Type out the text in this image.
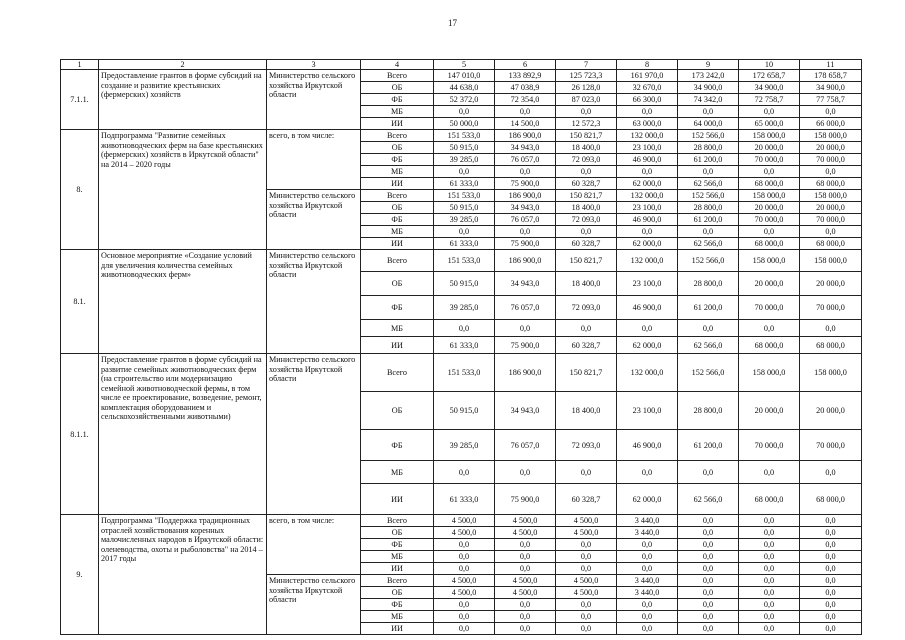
17
1	2	3	4	5	6	7	8	9	10	11
7.1.1.	Предоставление грантов в форме субсидий на создание и развитие крестьянских (фермерских) хозяйств	Министерство сельского хозяйства Иркутской области	Всего	147 010,0	133 892,9	125 723,3	161 970,0	173 242,0	172 658,7	178 658,7
			ОБ	44 638,0	47 038,9	26 128,0	32 670,0	34 900,0	34 900,0	34 900,0
			ФБ	52 372,0	72 354,0	87 023,0	66 300,0	74 342,0	72 758,7	77 758,7
			МБ	0,0	0,0	0,0	0,0	0,0	0,0	0,0
			ИИ	50 000,0	14 500,0	12 572,3	63 000,0	64 000,0	65 000,0	66 000,0
8.	Подпрограмма "Развитие семейных животноводческих ферм на базе крестьянских (фермерских) хозяйств в Иркутской области" на 2014 – 2020 годы	всего, в том числе:	Всего	151 533,0	186 900,0	150 821,7	132 000,0	152 566,0	158 000,0	158 000,0
			ОБ	50 915,0	34 943,0	18 400,0	23 100,0	28 800,0	20 000,0	20 000,0
			ФБ	39 285,0	76 057,0	72 093,0	46 900,0	61 200,0	70 000,0	70 000,0
			МБ	0,0	0,0	0,0	0,0	0,0	0,0	0,0
			ИИ	61 333,0	75 900,0	60 328,7	62 000,0	62 566,0	68 000,0	68 000,0
		Министерство сельского хозяйства Иркутской области	Всего	151 533,0	186 900,0	150 821,7	132 000,0	152 566,0	158 000,0	158 000,0
			ОБ	50 915,0	34 943,0	18 400,0	23 100,0	28 800,0	20 000,0	20 000,0
			ФБ	39 285,0	76 057,0	72 093,0	46 900,0	61 200,0	70 000,0	70 000,0
			МБ	0,0	0,0	0,0	0,0	0,0	0,0	0,0
			ИИ	61 333,0	75 900,0	60 328,7	62 000,0	62 566,0	68 000,0	68 000,0
8.1.	Основное мероприятие «Создание условий для увеличения количества семейных животноводческих ферм»	Министерство сельского хозяйства Иркутской области	Всего	151 533,0	186 900,0	150 821,7	132 000,0	152 566,0	158 000,0	158 000,0
			ОБ	50 915,0	34 943,0	18 400,0	23 100,0	28 800,0	20 000,0	20 000,0
			ФБ	39 285,0	76 057,0	72 093,0	46 900,0	61 200,0	70 000,0	70 000,0
			МБ	0,0	0,0	0,0	0,0	0,0	0,0	0,0
			ИИ	61 333,0	75 900,0	60 328,7	62 000,0	62 566,0	68 000,0	68 000,0
8.1.1.	Предоставление грантов в форме субсидий на развитие семейных животноводческих ферм (на строительство или модернизацию семейной животноводческой фермы, в том числе ее проектирование, возведение, ремонт, комплектация оборудованием и сельскохозяйственными животными)	Министерство сельского хозяйства Иркутской области	Всего	151 533,0	186 900,0	150 821,7	132 000,0	152 566,0	158 000,0	158 000,0
			ОБ	50 915,0	34 943,0	18 400,0	23 100,0	28 800,0	20 000,0	20 000,0
			ФБ	39 285,0	76 057,0	72 093,0	46 900,0	61 200,0	70 000,0	70 000,0
			МБ	0,0	0,0	0,0	0,0	0,0	0,0	0,0
			ИИ	61 333,0	75 900,0	60 328,7	62 000,0	62 566,0	68 000,0	68 000,0
9.	Подпрограмма "Поддержка традиционных отраслей хозяйствования коренных малочисленных народов в Иркутской области: оленеводства, охоты и рыболовства" на 2014 – 2017 годы	всего, в том числе:	Всего	4 500,0	4 500,0	4 500,0	3 440,0	0,0	0,0	0,0
			ОБ	4 500,0	4 500,0	4 500,0	3 440,0	0,0	0,0	0,0
			ФБ	0,0	0,0	0,0	0,0	0,0	0,0	0,0
			МБ	0,0	0,0	0,0	0,0	0,0	0,0	0,0
			ИИ	0,0	0,0	0,0	0,0	0,0	0,0	0,0
		Министерство сельского хозяйства Иркутской области	Всего	4 500,0	4 500,0	4 500,0	3 440,0	0,0	0,0	0,0
			ОБ	4 500,0	4 500,0	4 500,0	3 440,0	0,0	0,0	0,0
			ФБ	0,0	0,0	0,0	0,0	0,0	0,0	0,0
			МБ	0,0	0,0	0,0	0,0	0,0	0,0	0,0
			ИИ	0,0	0,0	0,0	0,0	0,0	0,0	0,0
